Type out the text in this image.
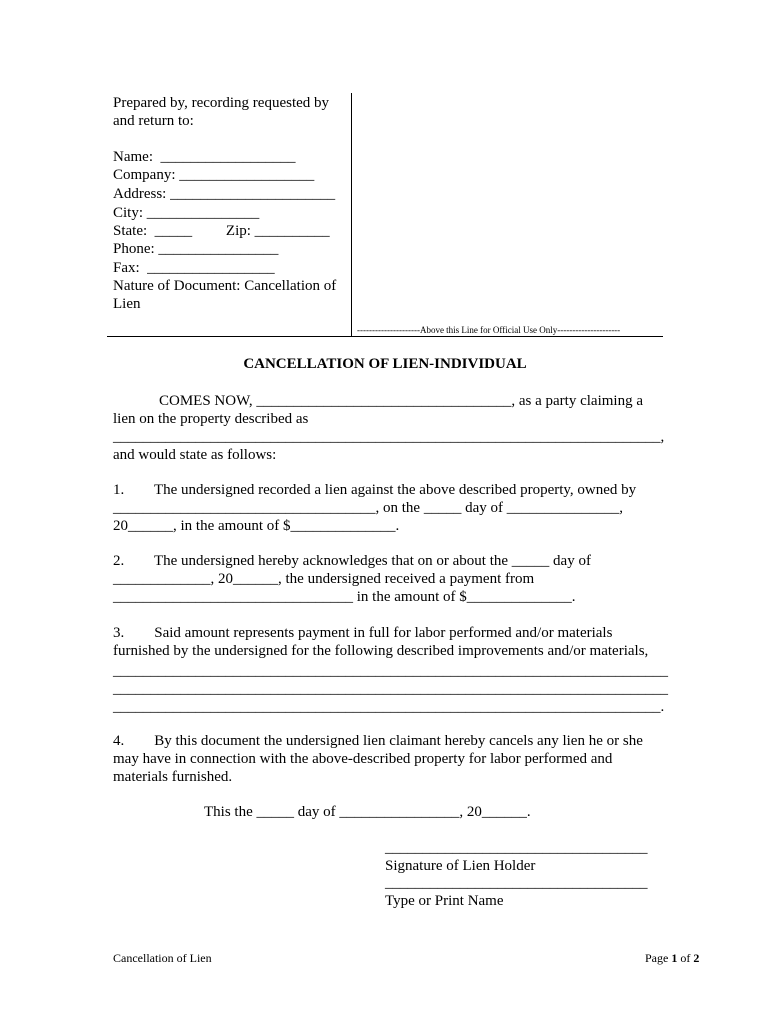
Prepared by, recording requested by
and return to:
Name:  __________________
Company: __________________
Address: ______________________
City: _______________
State:  _____         Zip: __________
Phone: ________________
Fax:  _________________
Nature of Document: Cancellation of
Lien
---------------------Above this Line for Official Use Only---------------------
CANCELLATION OF LIEN-INDIVIDUAL
COMES NOW, __________________________________, as a party claiming a
lien on the property described as
_________________________________________________________________________,
and would state as follows:
1.        The undersigned recorded a lien against the above described property, owned by
___________________________________, on the _____ day of _______________,
20______, in the amount of $______________.
2.        The undersigned hereby acknowledges that on or about the _____ day of
_____________, 20______, the undersigned received a payment from
________________________________ in the amount of $______________.
3.        Said amount represents payment in full for labor performed and/or materials
furnished by the undersigned for the following described improvements and/or materials,
__________________________________________________________________________
__________________________________________________________________________
_________________________________________________________________________.
4.        By this document the undersigned lien claimant hereby cancels any lien he or she
may have in connection with the above-described property for labor performed and
materials furnished.
This the _____ day of ________________, 20______.
___________________________________
Signature of Lien Holder
___________________________________
Type or Print Name
Cancellation of Lien	Page 1 of 2
